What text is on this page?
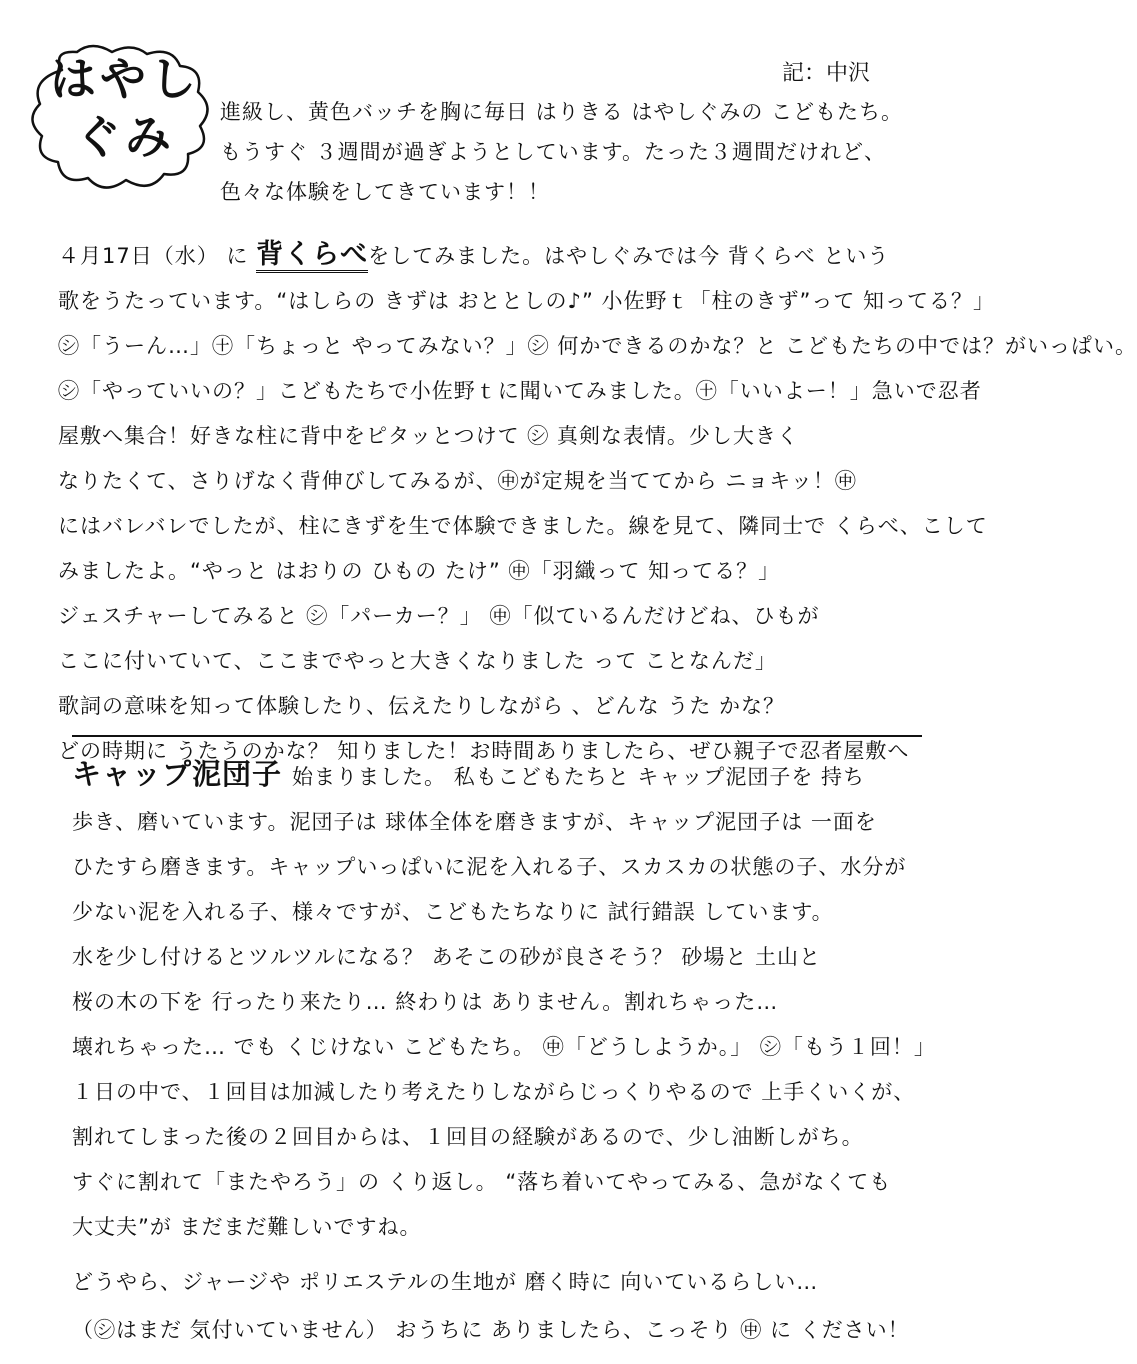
はやし
ぐみ
記：中沢

進級し、黄色バッチを胸に毎日 はりきる はやしぐみの こどもたち。

もうすぐ ３週間が過ぎようとしています。たった３週間だけれど、

色々な体験をしてきています！！

４月17日（水） に 背くらべをしてみました。はやしぐみでは今 背くらべ という

歌をうたっています。“はしらの きずは おととしの♪” 小佐野ｔ「柱のきず”って 知ってる？」

㋛「うーん…」㊉「ちょっと やってみない？」㋛ 何かできるのかな？と こどもたちの中では？がいっぱい。

㋛「やっていいの？」こどもたちで小佐野ｔに聞いてみました。㊉「いいよー！」急いで忍者

屋敷へ集合！好きな柱に背中をピタッとつけて ㋛ 真剣な表情。少し大きく

なりたくて、さりげなく背伸びしてみるが、㊥が定規を当ててから ニョキッ！㊥

にはバレバレでしたが、柱にきずを生で体験できました。線を見て、隣同士で くらべ、こして

みましたよ。“やっと はおりの ひもの たけ” ㊥「羽織って 知ってる？」

ジェスチャーしてみると ㋛「パーカー？」 ㊥「似ているんだけどね、ひもが

ここに付いていて、ここまでやっと大きくなりました って ことなんだ」

歌詞の意味を知って体験したり、伝えたりしながら 、どんな うた かな？

どの時期に うたうのかな？ 知りました！お時間ありましたら、ぜひ親子で忍者屋敷へ

キャップ泥団子 始まりました。 私もこどもたちと キャップ泥団子を 持ち

歩き、磨いています。泥団子は 球体全体を磨きますが、キャップ泥団子は 一面を

ひたすら磨きます。キャップいっぱいに泥を入れる子、スカスカの状態の子、水分が

少ない泥を入れる子、様々ですが、こどもたちなりに 試行錯誤 しています。

水を少し付けるとツルツルになる？ あそこの砂が良さそう？ 砂場と 土山と

桜の木の下を 行ったり来たり… 終わりは ありません。割れちゃった…

壊れちゃった… でも くじけない こどもたち。 ㊥「どうしようか。」 ㋛「もう１回！」

１日の中で、１回目は加減したり考えたりしながらじっくりやるので 上手くいくが、

割れてしまった後の２回目からは、１回目の経験があるので、少し油断しがち。

すぐに割れて「またやろう」の くり返し。 “落ち着いてやってみる、急がなくても

大丈夫”が まだまだ難しいですね。

どうやら、ジャージや ポリエステルの生地が 磨く時に 向いているらしい…

（㋛はまだ 気付いていません） おうちに ありましたら、こっそり ㊥ に ください！
